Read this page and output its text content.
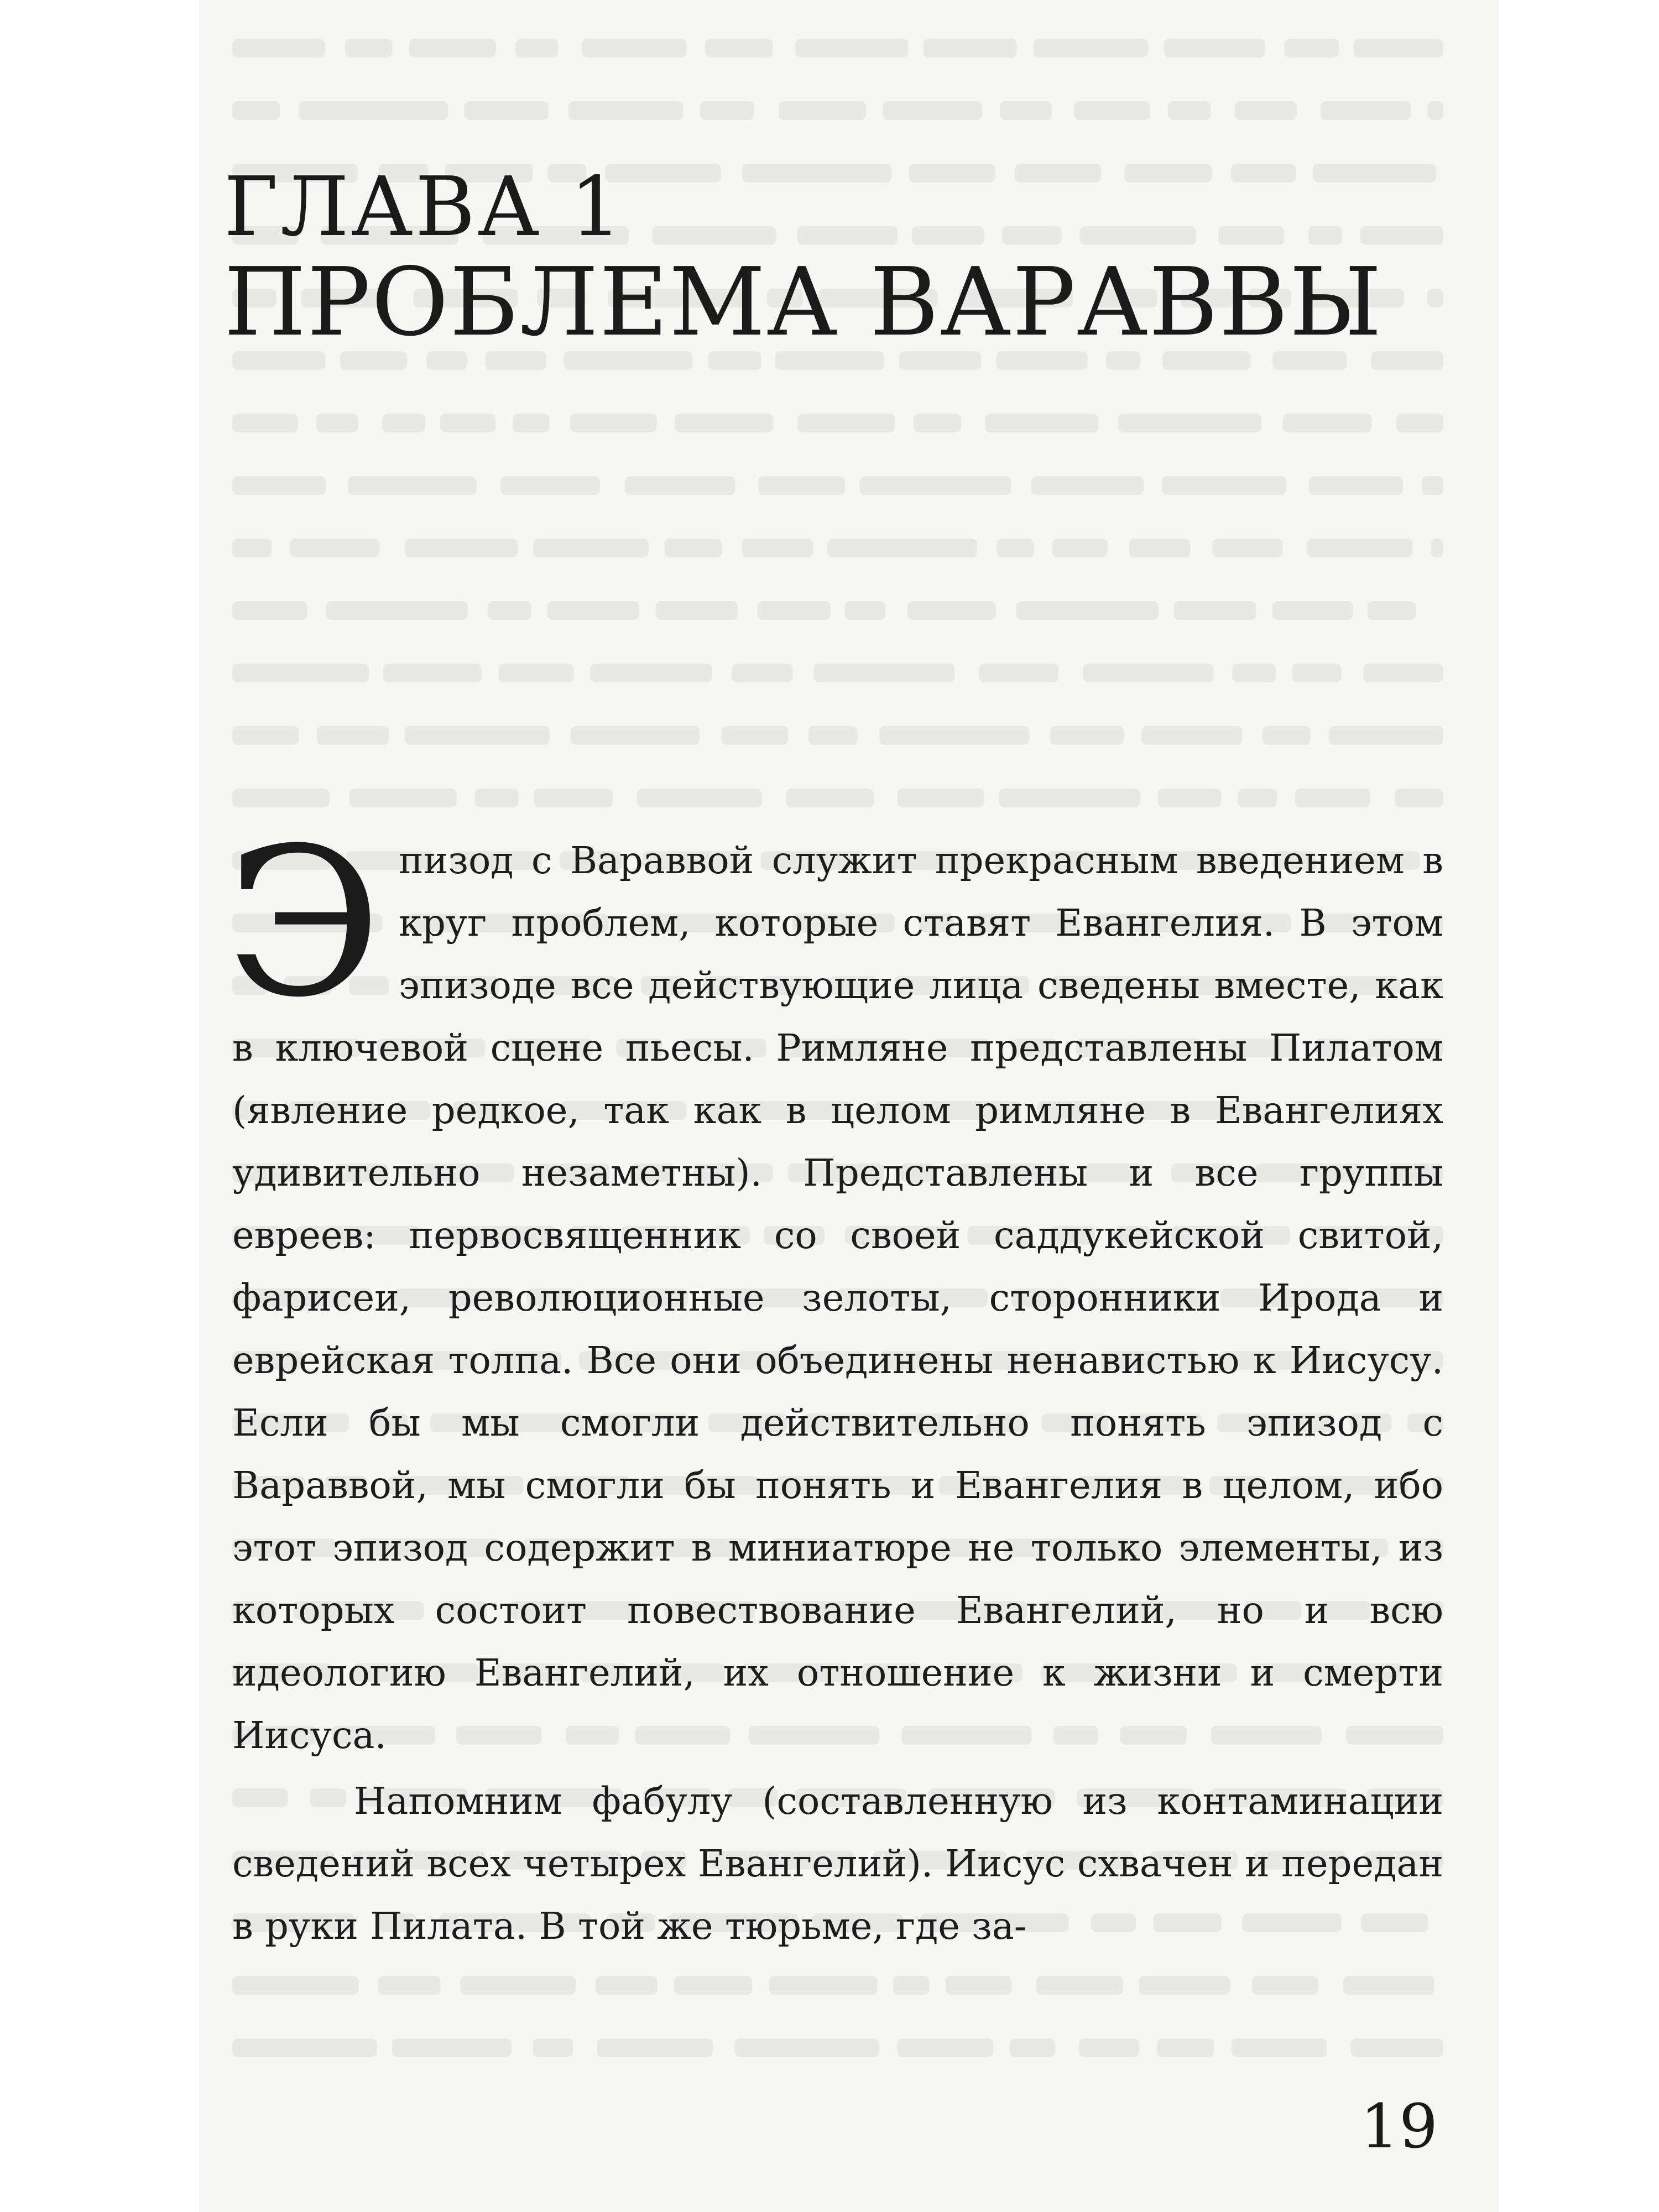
ГЛАВА 1
ПРОБЛЕМА ВАРАВВЫ

Эпизод с Вараввой служит прекрасным введением в круг проблем, которые ставят Евангелия. В этом эпизоде все действующие лица сведены вместе, как в ключевой сцене пьесы. Римляне представлены Пилатом (явление редкое, так как в целом римляне в Евангелиях удивительно незаметны). Представлены и все группы евреев: первосвященник со своей саддукейской свитой, фарисеи, революционные зелоты, сторонники Ирода и еврейская толпа. Все они объединены ненавистью к Иисусу. Если бы мы смогли действительно понять эпизод с Вараввой, мы смогли бы понять и Евангелия в целом, ибо этот эпизод содержит в миниатюре не только элементы, из которых состоит повествование Евангелий, но и всю идеологию Евангелий, их отношение к жизни и смерти Иисуса.

Напомним фабулу (составленную из контаминации сведений всех четырех Евангелий). Иисус схвачен и передан в руки Пилата. В той же тюрьме, где за-

19
